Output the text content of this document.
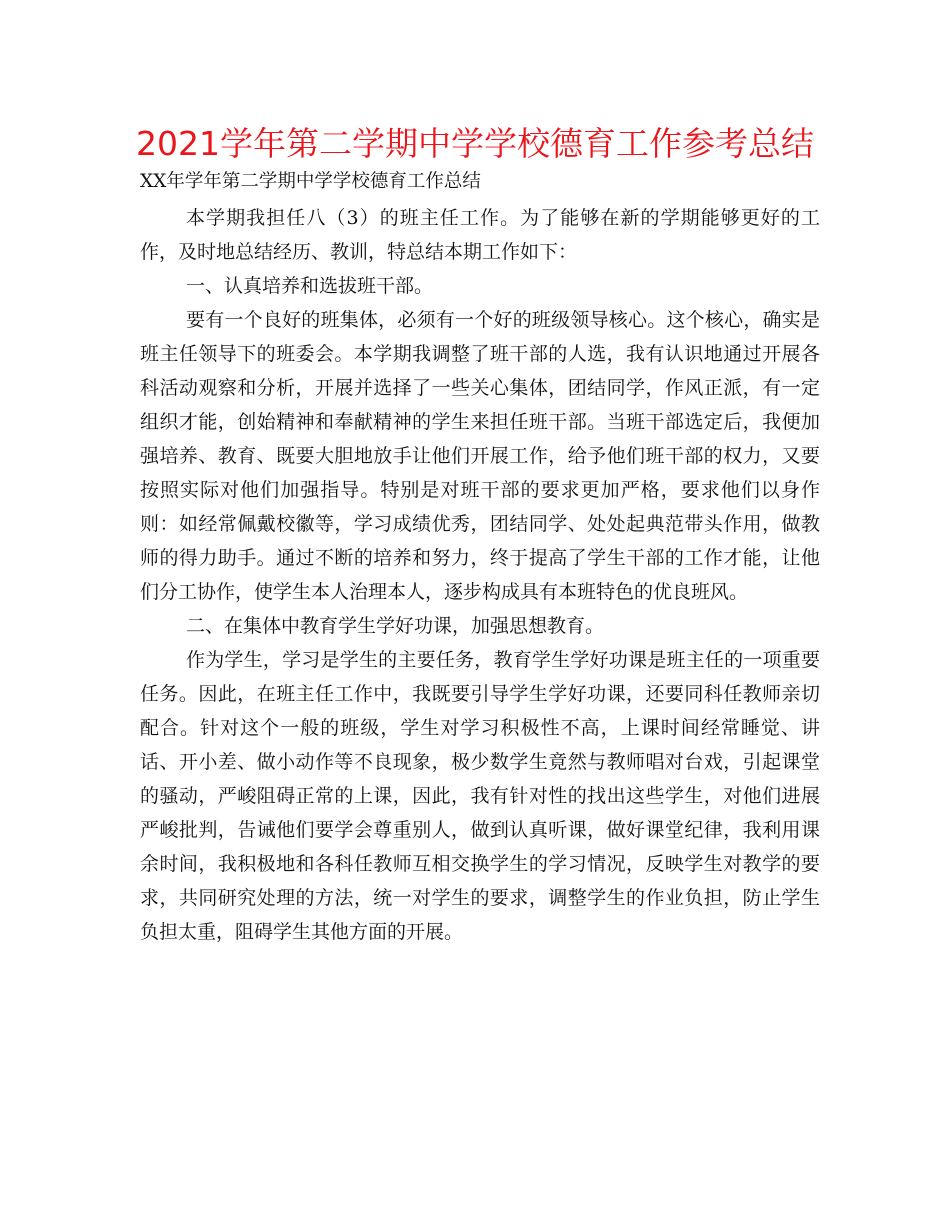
2021学年第二学期中学学校德育工作参考总结
XX年学年第二学期中学学校德育工作总结

本学期我担任八（3）的班主任工作。为了能够在新的学期能够更好的工作，及时地总结经历、教训，特总结本期工作如下：

一、认真培养和选拔班干部。

要有一个良好的班集体，必须有一个好的班级领导核心。这个核心，确实是班主任领导下的班委会。本学期我调整了班干部的人选，我有认识地通过开展各科活动观察和分析，开展并选择了一些关心集体，团结同学，作风正派，有一定组织才能，创始精神和奉献精神的学生来担任班干部。当班干部选定后，我便加强培养、教育、既要大胆地放手让他们开展工作，给予他们班干部的权力，又要按照实际对他们加强指导。特别是对班干部的要求更加严格，要求他们以身作则：如经常佩戴校徽等，学习成绩优秀，团结同学、处处起典范带头作用，做教师的得力助手。通过不断的培养和努力，终于提高了学生干部的工作才能，让他们分工协作，使学生本人治理本人，逐步构成具有本班特色的优良班风。

二、在集体中教育学生学好功课，加强思想教育。

作为学生，学习是学生的主要任务，教育学生学好功课是班主任的一项重要任务。因此，在班主任工作中，我既要引导学生学好功课，还要同科任教师亲切配合。针对这个一般的班级，学生对学习积极性不高，上课时间经常睡觉、讲话、开小差、做小动作等不良现象，极少数学生竟然与教师唱对台戏，引起课堂的骚动，严峻阻碍正常的上课，因此，我有针对性的找出这些学生，对他们进展严峻批判，告诫他们要学会尊重别人，做到认真听课，做好课堂纪律，我利用课余时间，我积极地和各科任教师互相交换学生的学习情况，反映学生对教学的要求，共同研究处理的方法，统一对学生的要求，调整学生的作业负担，防止学生负担太重，阻碍学生其他方面的开展。
